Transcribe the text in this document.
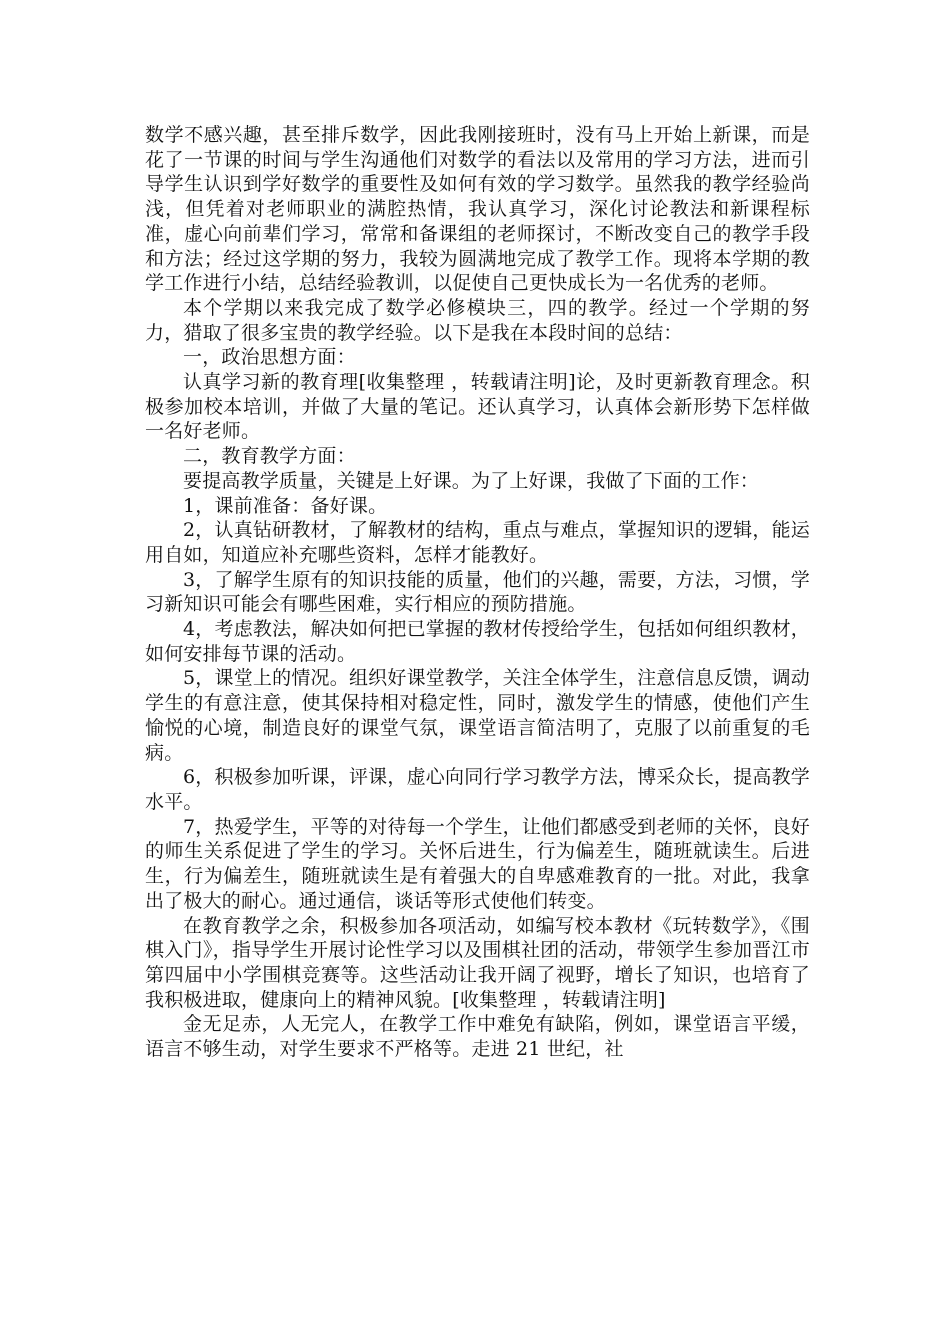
数学不感兴趣，甚至排斥数学，因此我刚接班时，没有马上开始上新课，而是花了一节课的时间与学生沟通他们对数学的看法以及常用的学习方法，进而引导学生认识到学好数学的重要性及如何有效的学习数学。虽然我的教学经验尚浅，但凭着对老师职业的满腔热情，我认真学习，深化讨论教法和新课程标准，虚心向前辈们学习，常常和备课组的老师探讨，不断改变自己的教学手段和方法；经过这学期的努力，我较为圆满地完成了教学工作。现将本学期的教学工作进行小结，总结经验教训，以促使自己更快成长为一名优秀的老师。

本个学期以来我完成了数学必修模块三，四的教学。经过一个学期的努力，猎取了很多宝贵的教学经验。以下是我在本段时间的总结：

一，政治思想方面：

认真学习新的教育理[收集整理 ，转载请注明]论，及时更新教育理念。积极参加校本培训，并做了大量的笔记。还认真学习，认真体会新形势下怎样做一名好老师。

二，教育教学方面：

要提高教学质量，关键是上好课。为了上好课，我做了下面的工作：

1，课前准备：备好课。

2，认真钻研教材，了解教材的结构，重点与难点，掌握知识的逻辑，能运用自如，知道应补充哪些资料，怎样才能教好。

3，了解学生原有的知识技能的质量，他们的兴趣，需要，方法，习惯，学习新知识可能会有哪些困难，实行相应的预防措施。

4，考虑教法，解决如何把已掌握的教材传授给学生，包括如何组织教材，如何安排每节课的活动。

5，课堂上的情况。组织好课堂教学，关注全体学生，注意信息反馈，调动学生的有意注意，使其保持相对稳定性，同时，激发学生的情感，使他们产生愉悦的心境，制造良好的课堂气氛，课堂语言简洁明了，克服了以前重复的毛病。

6，积极参加听课，评课，虚心向同行学习教学方法，博采众长，提高教学水平。

7，热爱学生，平等的对待每一个学生，让他们都感受到老师的关怀，良好的师生关系促进了学生的学习。关怀后进生，行为偏差生，随班就读生。后进生，行为偏差生，随班就读生是有着强大的自卑感难教育的一批。对此，我拿出了极大的耐心。通过通信，谈话等形式使他们转变。

在教育教学之余，积极参加各项活动，如编写校本教材《玩转数学》，《围棋入门》，指导学生开展讨论性学习以及围棋社团的活动，带领学生参加晋江市第四届中小学围棋竞赛等。这些活动让我开阔了视野，增长了知识，也培育了我积极进取，健康向上的精神风貌。[收集整理 ，转载请注明]

金无足赤，人无完人，在教学工作中难免有缺陷，例如，课堂语言平缓，语言不够生动，对学生要求不严格等。走进 21 世纪，社
